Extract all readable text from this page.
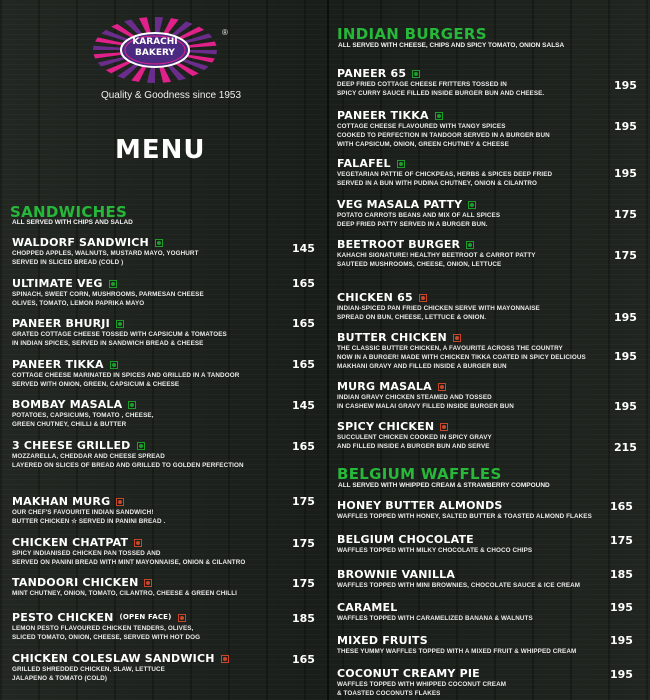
KARACHI
BAKERY
®
Quality & Goodness since 1953
MENU
SANDWICHES
ALL SERVED WITH CHIPS AND SALAD
INDIAN BURGERS
ALL SERVED WITH CHEESE, CHIPS AND SPICY TOMATO, ONION SALSA
BELGIUM WAFFLES
ALL SERVED WITH WHIPPED CREAM & STRAWBERRY COMPOUND
WALDORF SANDWICH
CHOPPED APPLES, WALNUTS, MUSTARD MAYO, YOGHURT
SERVED IN SLICED BREAD (COLD )
145
ULTIMATE VEG
SPINACH, SWEET CORN, MUSHROOMS, PARMESAN CHEESE
OLIVES, TOMATO, LEMON PAPRIKA MAYO
165
PANEER BHURJI
GRATED COTTAGE CHEESE TOSSED WITH CAPSICUM & TOMATOES
IN INDIAN SPICES, SERVED IN SANDWICH BREAD & CHEESE
165
PANEER TIKKA
COTTAGE CHEESE MARINATED IN SPICES AND GRILLED IN A TANDOOR
SERVED WITH ONION, GREEN, CAPSICUM & CHEESE
165
BOMBAY MASALA
POTATOES, CAPSICUMS, TOMATO , CHEESE,
GREEN CHUTNEY, CHILLI & BUTTER
145
3 CHEESE GRILLED
MOZZARELLA, CHEDDAR AND CHEESE SPREAD
LAYERED ON SLICES OF BREAD AND GRILLED TO GOLDEN PERFECTION
165
MAKHAN MURG
OUR CHEF'S FAVOURITE INDIAN SANDWICH!
BUTTER CHICKEN ☆ SERVED IN PANINI BREAD .
175
CHICKEN CHATPAT
SPICY INDIANISED CHICKEN PAN TOSSED AND
SERVED ON PANINI BREAD WITH MINT MAYONNAISE, ONION & CILANTRO
175
TANDOORI CHICKEN
MINT CHUTNEY, ONION, TOMATO, CILANTRO, CHEESE & GREEN CHILLI
175
PESTO CHICKEN (OPEN FACE)
LEMON PESTO FLAVOURED CHICKEN TENDERS, OLIVES,
SLICED TOMATO, ONION, CHEESE, SERVED WITH HOT DOG
185
CHICKEN COLESLAW SANDWICH
GRILLED SHREDDED CHICKEN, SLAW, LETTUCE
JALAPENO & TOMATO (COLD)
165
PANEER 65
DEEP FRIED COTTAGE CHEESE FRITTERS TOSSED IN
SPICY CURRY SAUCE FILLED INSIDE BURGER BUN AND CHEESE.
195
PANEER TIKKA
COTTAGE CHEESE FLAVOURED WITH TANGY SPICES
COOKED TO PERFECTION IN TANDOOR SERVED IN A BURGER BUN
WITH CAPSICUM, ONION, GREEN CHUTNEY & CHEESE
195
FALAFEL
VEGETARIAN PATTIE OF CHICKPEAS, HERBS & SPICES DEEP FRIED
SERVED IN A BUN WITH PUDINA CHUTNEY, ONION & CILANTRO
195
VEG MASALA PATTY
POTATO CARROTS BEANS AND MIX OF ALL SPICES
DEEP FRIED PATTY SERVED IN A BURGER BUN.
175
BEETROOT BURGER
KAHACHI SIGNATURE! HEALTHY BEETROOT & CARROT PATTY
SAUTEED MUSHROOMS, CHEESE, ONION, LETTUCE
175
CHICKEN 65
INDIAN-SPICED PAN FRIED CHICKEN SERVE WITH MAYONNAISE
SPREAD ON BUN, CHEESE, LETTUCE & ONION.	195
BUTTER CHICKEN
THE CLASSIC BUTTER CHICKEN, A FAVOURITE ACROSS THE COUNTRY
NOW IN A BURGER! MADE WITH CHICKEN TIKKA COATED IN SPICY DELICIOUS
MAKHANI GRAVY AND FILLED INSIDE A BURGER BUN
195
MURG MASALA
INDIAN GRAVY CHICKEN STEAMED AND TOSSED
IN CASHEW MALAI GRAVY FILLED INSIDE BURGER BUN	195
SPICY CHICKEN
SUCCULENT CHICKEN COOKED IN SPICY GRAVY
AND FILLED INSIDE A BURGER BUN AND SERVE	215
HONEY BUTTER ALMONDS
WAFFLES TOPPED WITH HONEY, SALTED BUTTER & TOASTED ALMOND FLAKES
165
BELGIUM CHOCOLATE
WAFFLES TOPPED WITH MILKY CHOCOLATE & CHOCO CHIPS
175
BROWNIE VANILLA
WAFFLES TOPPED WITH MINI BROWNIES, CHOCOLATE SAUCE & ICE CREAM
185
CARAMEL
WAFFLES TOPPED WITH CARAMELIZED BANANA & WALNUTS
195
MIXED FRUITS
THESE YUMMY WAFFLES TOPPED WITH A MIXED FRUIT & WHIPPED CREAM
195
COCONUT CREAMY PIE
WAFFLES TOPPED WITH WHIPPED COCONUT CREAM
& TOASTED COCONUTS FLAKES
195
